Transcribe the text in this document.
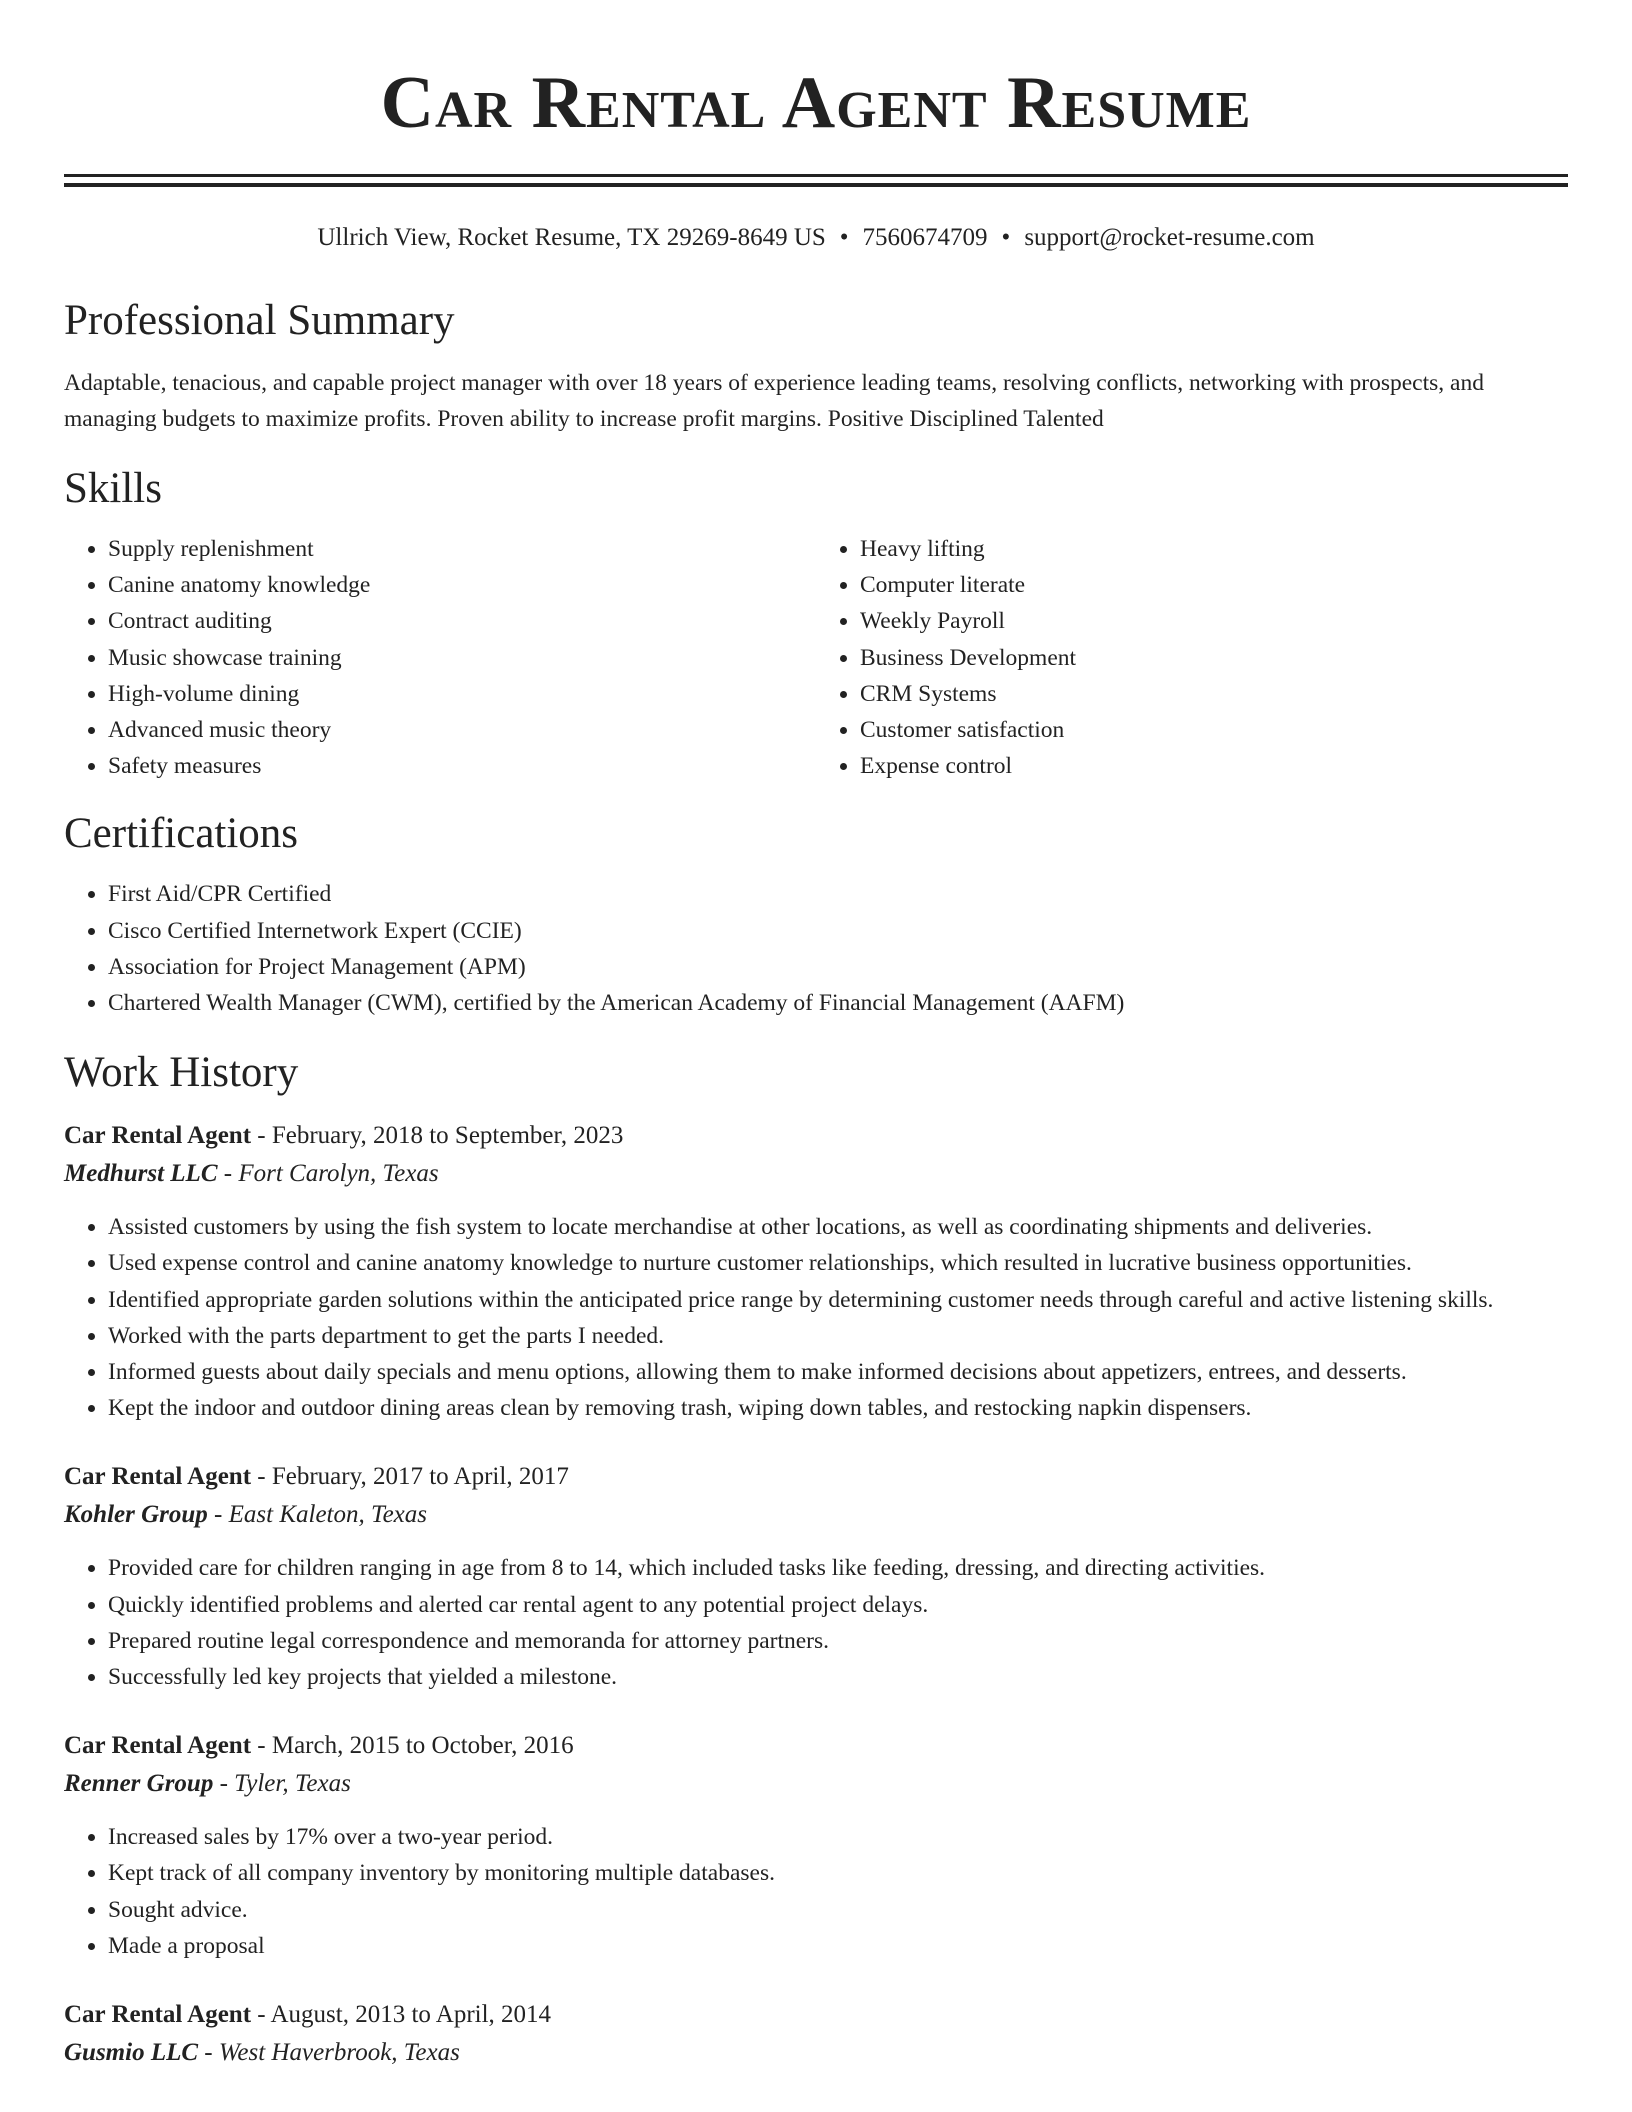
Car Rental Agent Resume
Ullrich View, Rocket Resume, TX 29269-8649 US • 7560674709 • support@rocket-resume.com
Professional Summary
Adaptable, tenacious, and capable project manager with over 18 years of experience leading teams, resolving conflicts, networking with prospects, and managing budgets to maximize profits. Proven ability to increase profit margins. Positive Disciplined Talented
Skills
• Supply replenishment
• Canine anatomy knowledge
• Contract auditing
• Music showcase training
• High-volume dining
• Advanced music theory
• Safety measures
• Heavy lifting
• Computer literate
• Weekly Payroll
• Business Development
• CRM Systems
• Customer satisfaction
• Expense control
Certifications
• First Aid/CPR Certified
• Cisco Certified Internetwork Expert (CCIE)
• Association for Project Management (APM)
• Chartered Wealth Manager (CWM), certified by the American Academy of Financial Management (AAFM)
Work History
Car Rental Agent - February, 2018 to September, 2023
Medhurst LLC - Fort Carolyn, Texas
• Assisted customers by using the fish system to locate merchandise at other locations, as well as coordinating shipments and deliveries.
• Used expense control and canine anatomy knowledge to nurture customer relationships, which resulted in lucrative business opportunities.
• Identified appropriate garden solutions within the anticipated price range by determining customer needs through careful and active listening skills.
• Worked with the parts department to get the parts I needed.
• Informed guests about daily specials and menu options, allowing them to make informed decisions about appetizers, entrees, and desserts.
• Kept the indoor and outdoor dining areas clean by removing trash, wiping down tables, and restocking napkin dispensers.
Car Rental Agent - February, 2017 to April, 2017
Kohler Group - East Kaleton, Texas
• Provided care for children ranging in age from 8 to 14, which included tasks like feeding, dressing, and directing activities.
• Quickly identified problems and alerted car rental agent to any potential project delays.
• Prepared routine legal correspondence and memoranda for attorney partners.
• Successfully led key projects that yielded a milestone.
Car Rental Agent - March, 2015 to October, 2016
Renner Group - Tyler, Texas
• Increased sales by 17% over a two-year period.
• Kept track of all company inventory by monitoring multiple databases.
• Sought advice.
• Made a proposal
Car Rental Agent - August, 2013 to April, 2014
Gusmio LLC - West Haverbrook, Texas
